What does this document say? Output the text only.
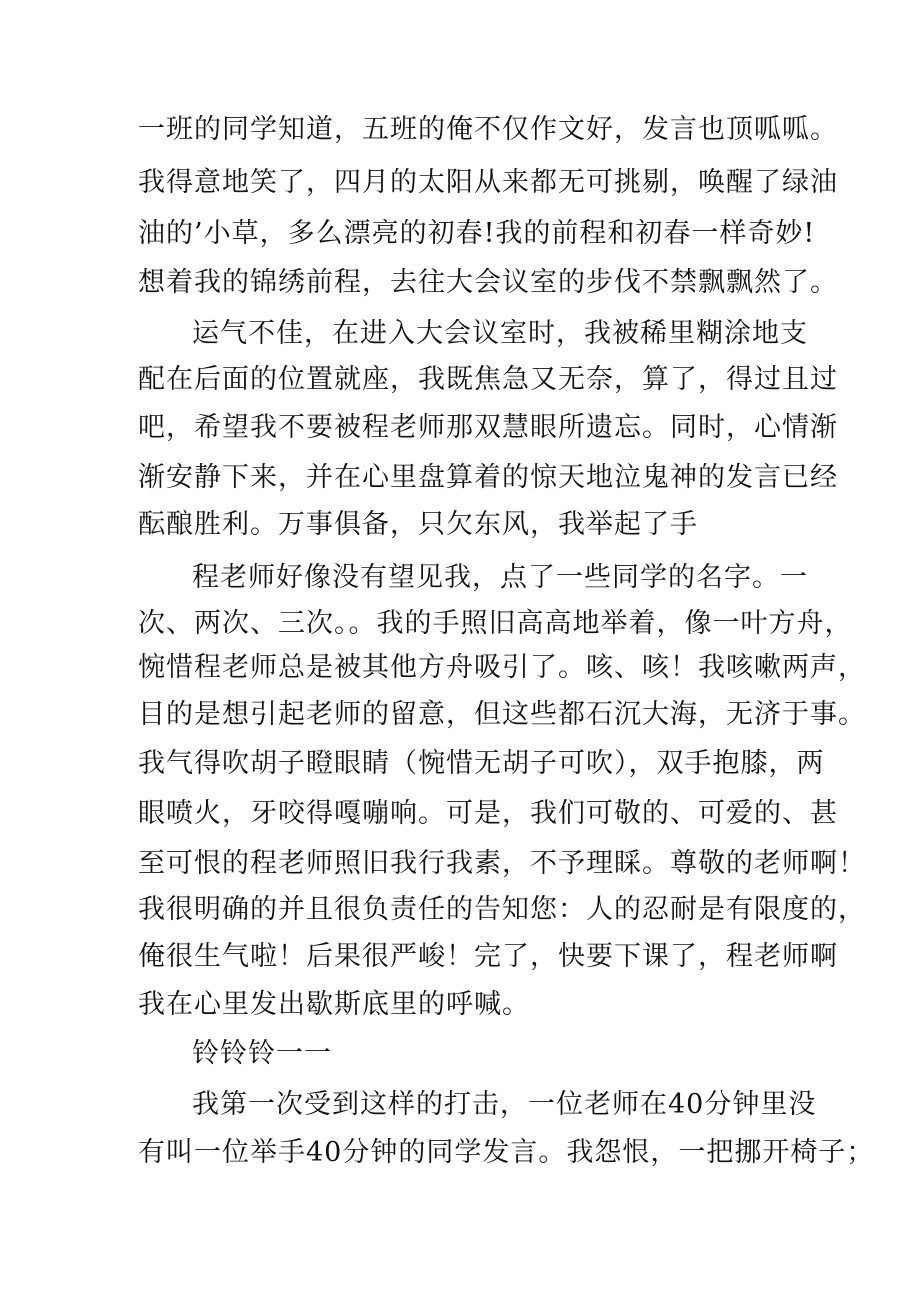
一班的同学知道，五班的俺不仅作文好，发言也顶呱呱。
我得意地笑了，四月的太阳从来都无可挑剔，唤醒了绿油
油的’小草，多么漂亮的初春!我的前程和初春一样奇妙!
想着我的锦绣前程，去往大会议室的步伐不禁飘飘然了。
运气不佳，在进入大会议室时，我被稀里糊涂地支
配在后面的位置就座，我既焦急又无奈，算了，得过且过
吧，希望我不要被程老师那双慧眼所遗忘。同时，心情渐
渐安静下来，并在心里盘算着的惊天地泣鬼神的发言已经
酝酿胜利。万事俱备，只欠东风，我举起了手
程老师好像没有望见我，点了一些同学的名字。一
次、两次、三次。。我的手照旧高高地举着，像一叶方舟，
惋惜程老师总是被其他方舟吸引了。咳、咳！我咳嗽两声，
目的是想引起老师的留意，但这些都石沉大海，无济于事。
我气得吹胡子瞪眼睛（惋惜无胡子可吹），双手抱膝，两
眼喷火，牙咬得嘎嘣响。可是，我们可敬的、可爱的、甚
至可恨的程老师照旧我行我素，不予理睬。尊敬的老师啊！
我很明确的并且很负责任的告知您：人的忍耐是有限度的，
俺很生气啦！后果很严峻！完了，快要下课了，程老师啊
我在心里发出歇斯底里的呼喊。
铃铃铃一一
我第一次受到这样的打击，一位老师在40分钟里没
有叫一位举手40分钟的同学发言。我怨恨，一把挪开椅子；
